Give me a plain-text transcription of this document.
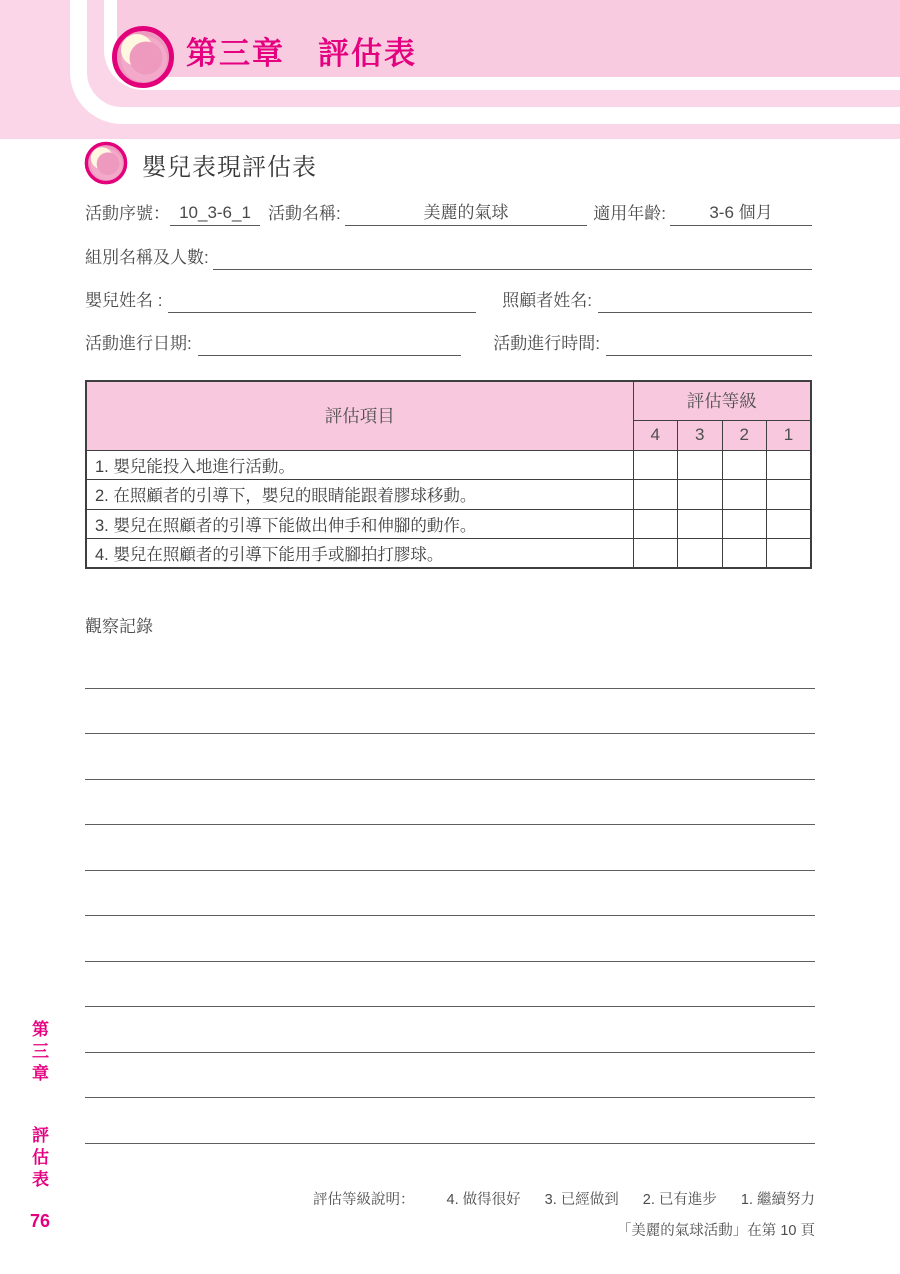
第三章　評估表
嬰兒表現評估表
活動序號： 10_3-6_1	活動名稱:	美麗的氣球	適用年齡:	3-6 個月
組別名稱及人數:
嬰兒姓名 :	照顧者姓名:
活動進行日期:	活動進行時間:
評估項目	評估等級			
	4	3	2	1
1. 嬰兒能投入地進行活動。				
2. 在照顧者的引導下，嬰兒的眼睛能跟着膠球移動。				
3. 嬰兒在照顧者的引導下能做出伸手和伸腳的動作。				
4. 嬰兒在照顧者的引導下能用手或腳拍打膠球。				
觀察記錄
評估等級說明： 4. 做得很好 3. 已經做到 2. 已有進步 1. 繼續努力
「美麗的氣球活動」在第 10 頁
第三章 評估表
76
